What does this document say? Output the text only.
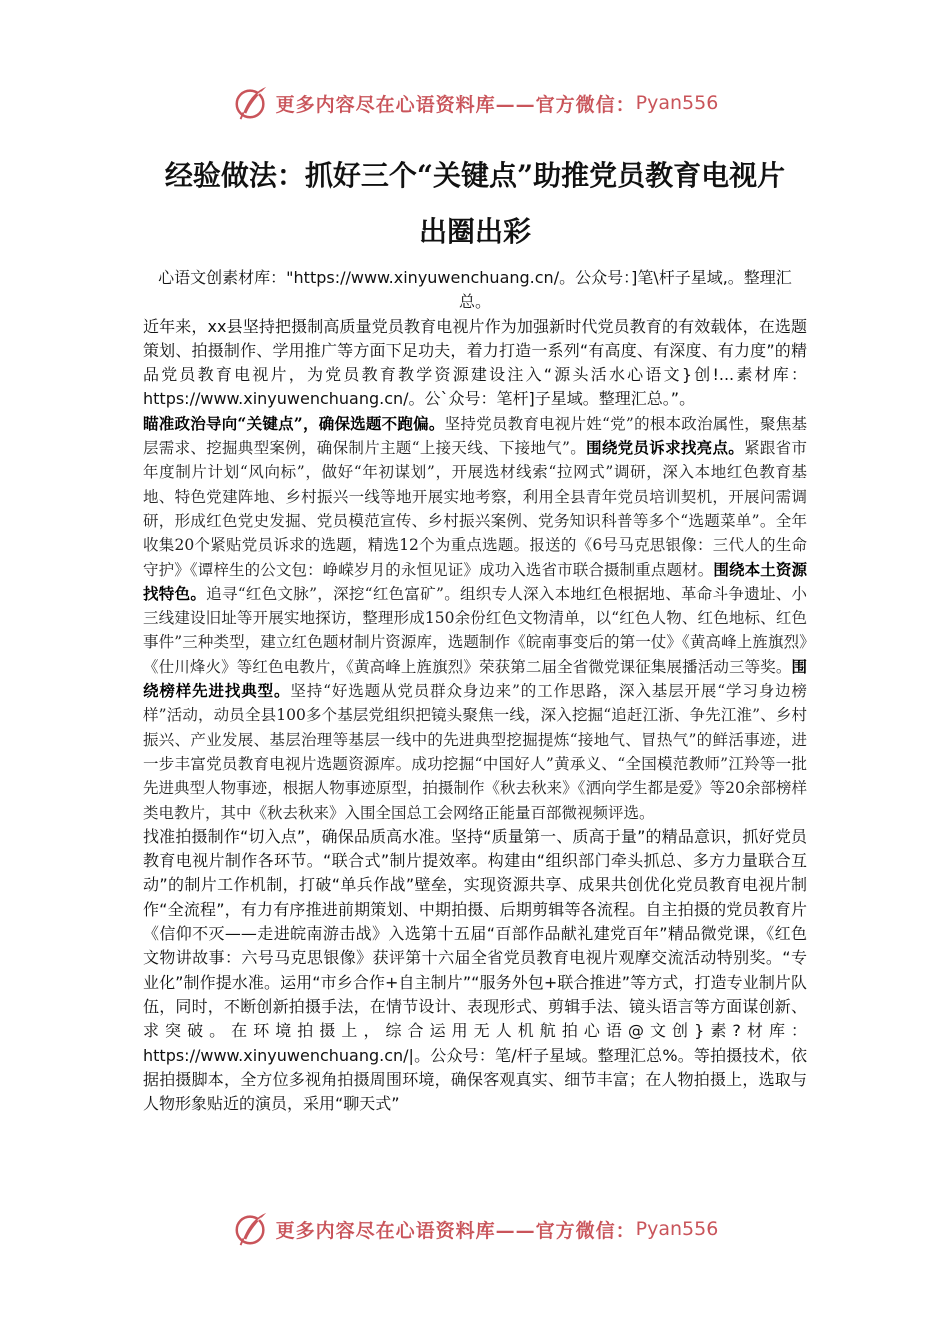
更多内容尽在心语资料库——官方微信： Pyan556
经验做法：抓好三个“关键点”助推党员教育电视片
出圈出彩

心语文创素材库："https://www.xinyuwenchuang.cn/。公众号：]笔\杆子星域,。整理汇总。

近年来，xx县坚持把摄制高质量党员教育电视片作为加强新时代党员教育的有效载体，在选题策划、拍摄制作、学用推广等方面下足功夫，着力打造一系列“有高度、有深度、有力度”的精品党员教育电视片，为党员教育教学资源建设注入“源头活水心语文}创!...素材库：https://www.xinyuwenchuang.cn/。公`众号：笔杆]子星域。整理汇总。”。

瞄准政治导向“关键点”，确保选题不跑偏。坚持党员教育电视片姓“党”的根本政治属性，聚焦基层需求、挖掘典型案例，确保制片主题“上接天线、下接地气”。围绕党员诉求找亮点。紧跟省市年度制片计划“风向标”，做好“年初谋划”，开展选材线索“拉网式”调研，深入本地红色教育基地、特色党建阵地、乡村振兴一线等地开展实地考察，利用全县青年党员培训契机，开展问需调研，形成红色党史发掘、党员模范宣传、乡村振兴案例、党务知识科普等多个“选题菜单”。全年收集20个紧贴党员诉求的选题，精选12个为重点选题。报送的《6号马克思银像：三代人的生命守护》《谭梓生的公文包：峥嵘岁月的永恒见证》成功入选省市联合摄制重点题材。围绕本土资源找特色。追寻“红色文脉”，深挖“红色富矿”。组织专人深入本地红色根据地、革命斗争遗址、小三线建设旧址等开展实地探访，整理形成150余份红色文物清单，以“红色人物、红色地标、红色事件”三种类型，建立红色题材制片资源库，选题制作《皖南事变后的第一仗》《黄高峰上旌旗烈》《仕川烽火》等红色电教片，《黄高峰上旌旗烈》荣获第二届全省微党课征集展播活动三等奖。围绕榜样先进找典型。坚持“好选题从党员群众身边来”的工作思路，深入基层开展“学习身边榜样”活动，动员全县100多个基层党组织把镜头聚焦一线，深入挖掘“追赶江浙、争先江淮”、乡村振兴、产业发展、基层治理等基层一线中的先进典型挖掘提炼“接地气、冒热气”的鲜活事迹，进一步丰富党员教育电视片选题资源库。成功挖掘“中国好人”黄承义、“全国模范教师”江羚等一批先进典型人物事迹，根据人物事迹原型，拍摄制作《秋去秋来》《洒向学生都是爱》等20余部榜样类电教片，其中《秋去秋来》入围全国总工会网络正能量百部微视频评选。

找准拍摄制作“切入点”，确保品质高水准。坚持“质量第一、质高于量”的精品意识，抓好党员教育电视片制作各环节。“联合式”制片提效率。构建由“组织部门牵头抓总、多方力量联合互动”的制片工作机制，打破“单兵作战”壁垒，实现资源共享、成果共创优化党员教育电视片制作“全流程”，有力有序推进前期策划、中期拍摄、后期剪辑等各流程。自主拍摄的党员教育片《信仰不灭——走进皖南游击战》入选第十五届“百部作品献礼建党百年”精品微党课，《红色文物讲故事：六号马克思银像》获评第十六届全省党员教育电视片观摩交流活动特别奖。“专业化”制作提水准。运用“市乡合作+自主制片”“服务外包+联合推进”等方式，打造专业制片队伍，同时，不断创新拍摄手法，在情节设计、表现形式、剪辑手法、镜头语言等方面谋创新、求突破。在环境拍摄上，综合运用无人机航拍心语@文创}素?材库：https://www.xinyuwenchuang.cn/|。公众号：笔/杆子星域。整理汇总%。等拍摄技术，依据拍摄脚本，全方位多视角拍摄周围环境，确保客观真实、细节丰富；在人物拍摄上，选取与人物形象贴近的演员，采用“聊天式”

更多内容尽在心语资料库——官方微信： Pyan556
